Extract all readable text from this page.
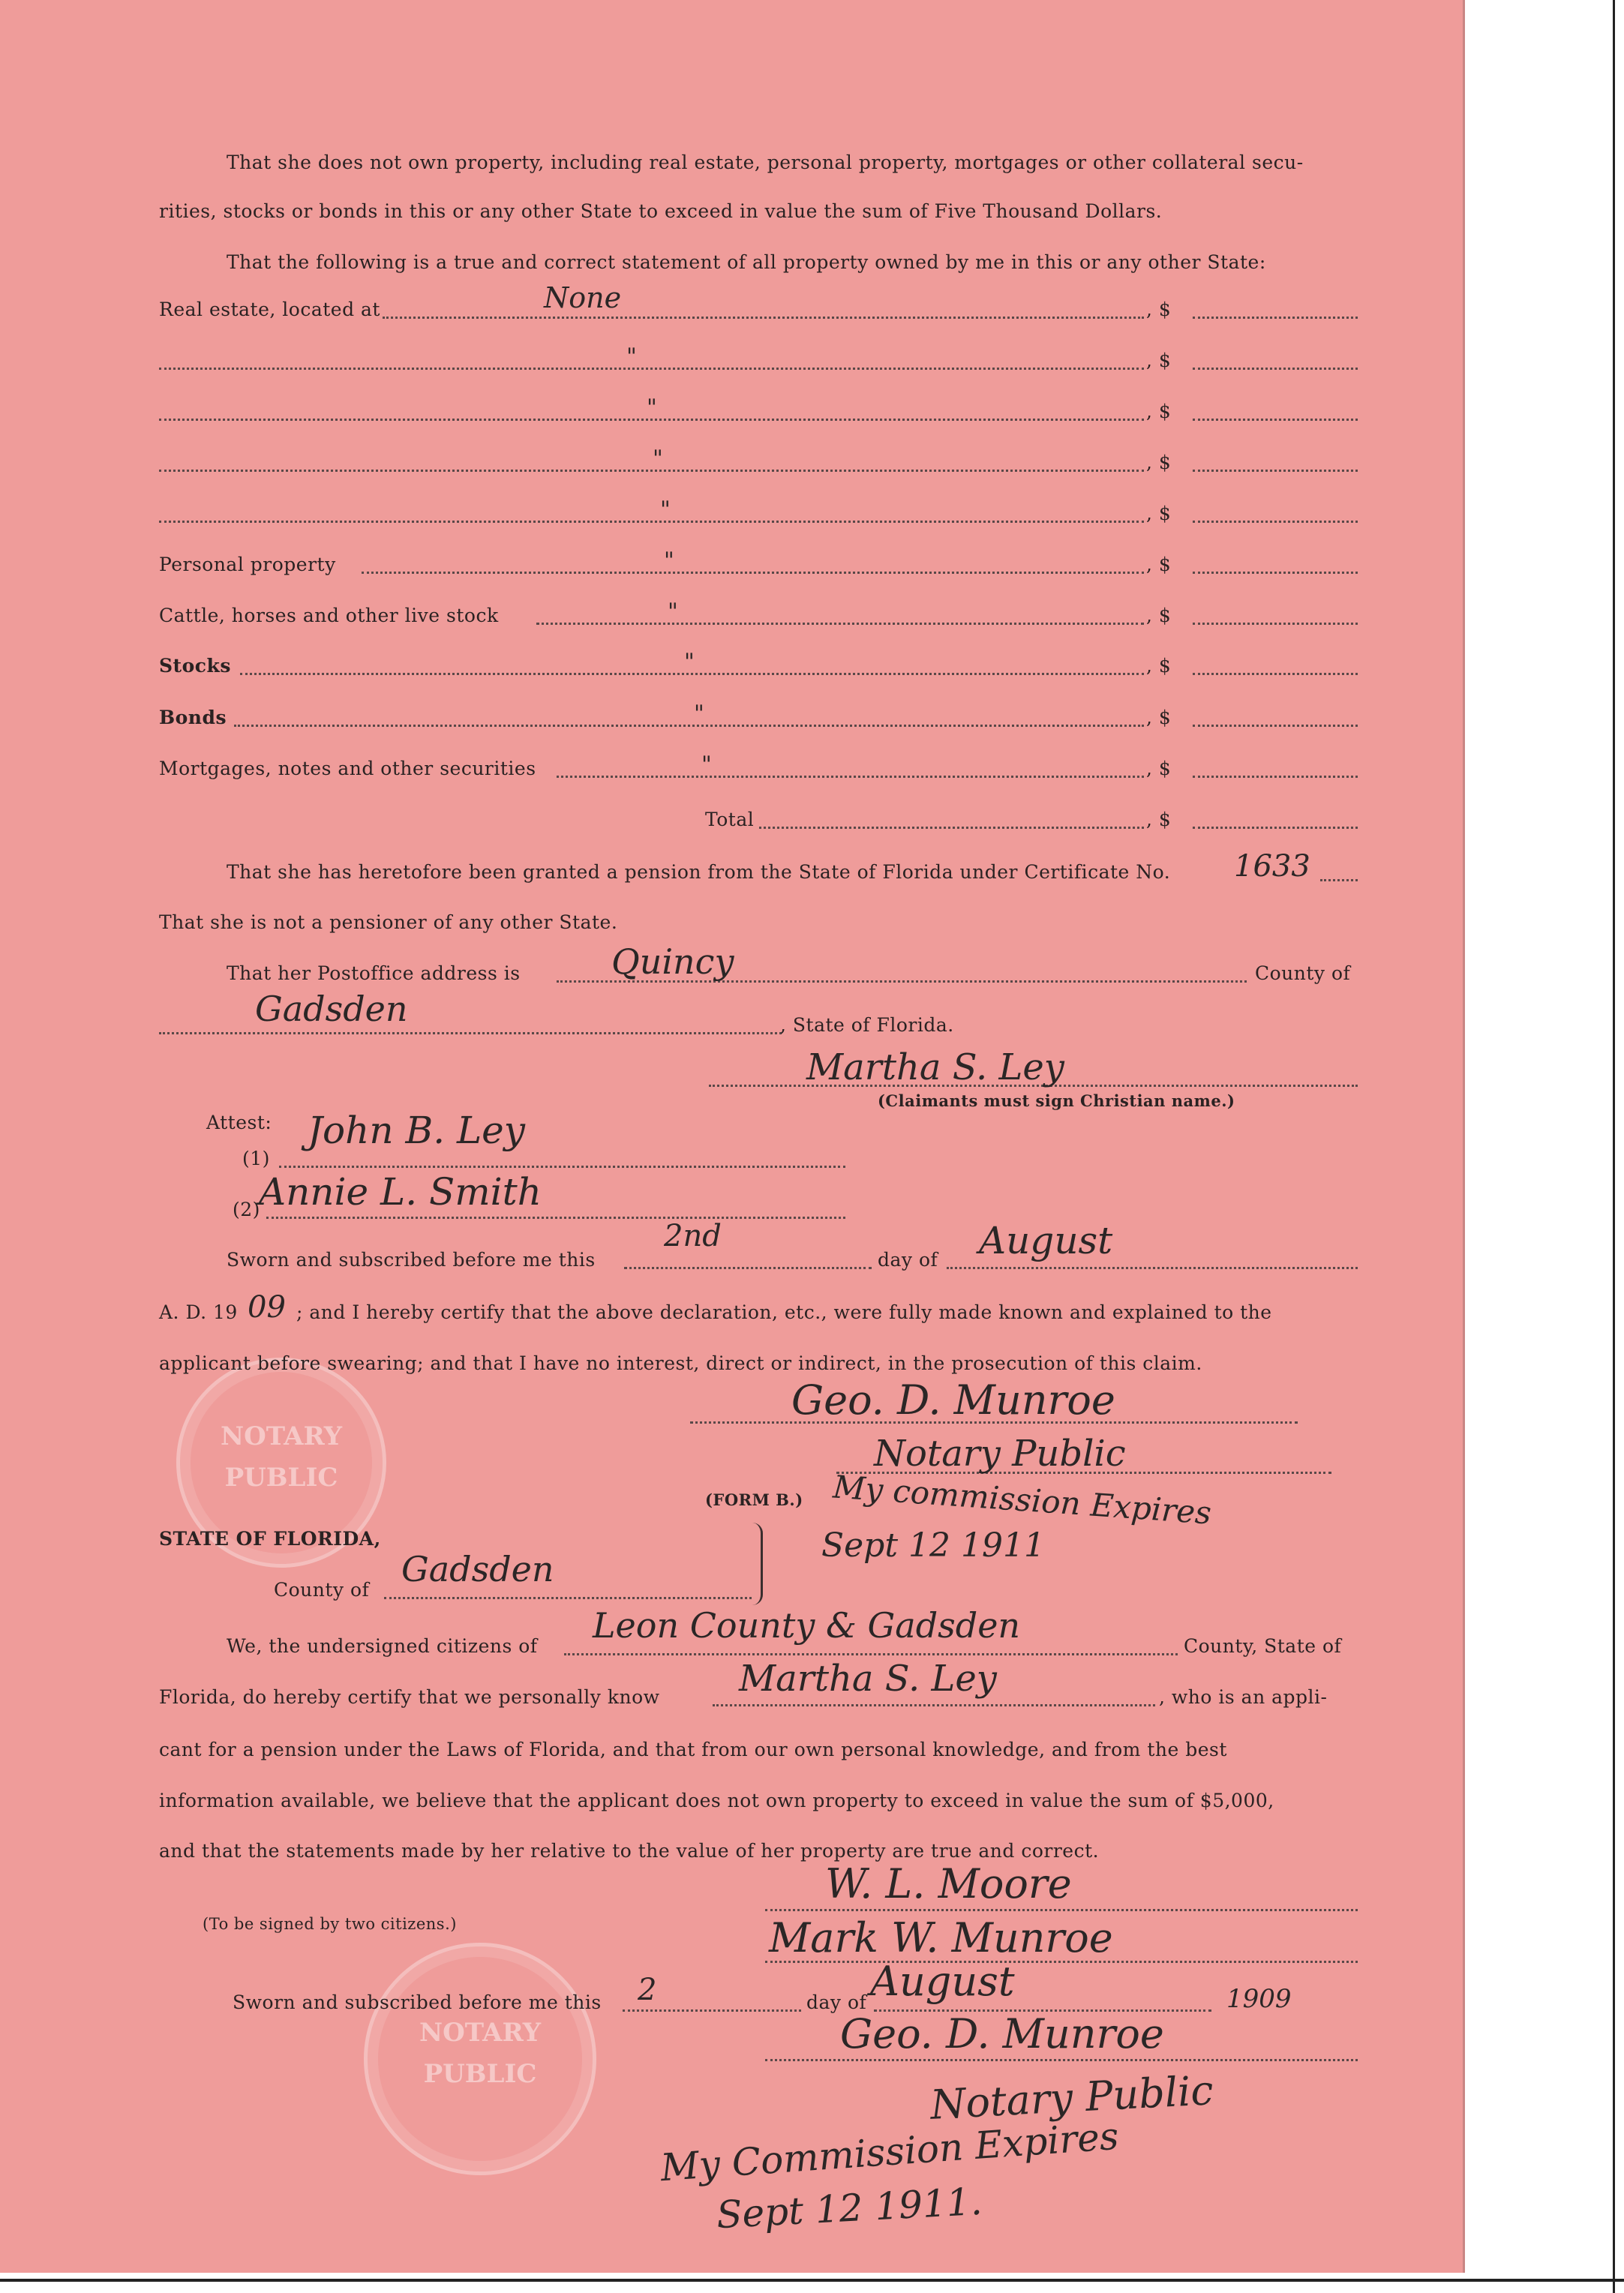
NOTARY
PUBLIC
NOTARY
PUBLIC
That she does not own property, including real estate, personal property, mortgages or other collateral secu-
rities, stocks or bonds in this or any other State to exceed in value the sum of Five Thousand Dollars.
That the following is a true and correct statement of all property owned by me in this or any other State:
Real estate, located at	None	, $
"	, $
"	, $
"	, $
"	, $
Personal property	"	, $
Cattle, horses and other live stock	"	, $
Stocks	"	, $
Bonds	"	, $
Mortgages, notes and other securities	"	, $
Total	, $
That she has heretofore been granted a pension from the State of Florida under Certificate No. 1633
That she is not a pensioner of any other State.
That her Postoffice address is	Quincy	County of
Gadsden	, State of Florida.
Martha S. Ley
(Claimants must sign Christian name.)
Attest:
(1)
John B. Ley
(2)
Annie L. Smith
Sworn and subscribed before me this
2nd
day of August
A. D. 19 09 ; and I hereby certify that the above declaration, etc., were fully made known and explained to the
applicant before swearing; and that I have no interest, direct or indirect, in the prosecution of this claim.
Geo. D. Munroe
Notary Public
My commission Expires
Sept 12 1911
(FORM B.)
STATE OF FLORIDA,
County of
Gadsden
We, the undersigned citizens of
Leon County & Gadsden
County, State of
Florida, do hereby certify that we personally know Martha S. Ley	, who is an appli-
cant for a pension under the Laws of Florida, and that from our own personal knowledge, and from the best
information available, we believe that the applicant does not own property to exceed in value the sum of $5,000,
and that the statements made by her relative to the value of her property are true and correct.
(To be signed by two citizens.)
W. L. Moore
Mark W. Munroe
Sworn and subscribed before me this 2	day of August	1909
Geo. D. Munroe
Notary Public
My Commission Expires
Sept 12 1911.
